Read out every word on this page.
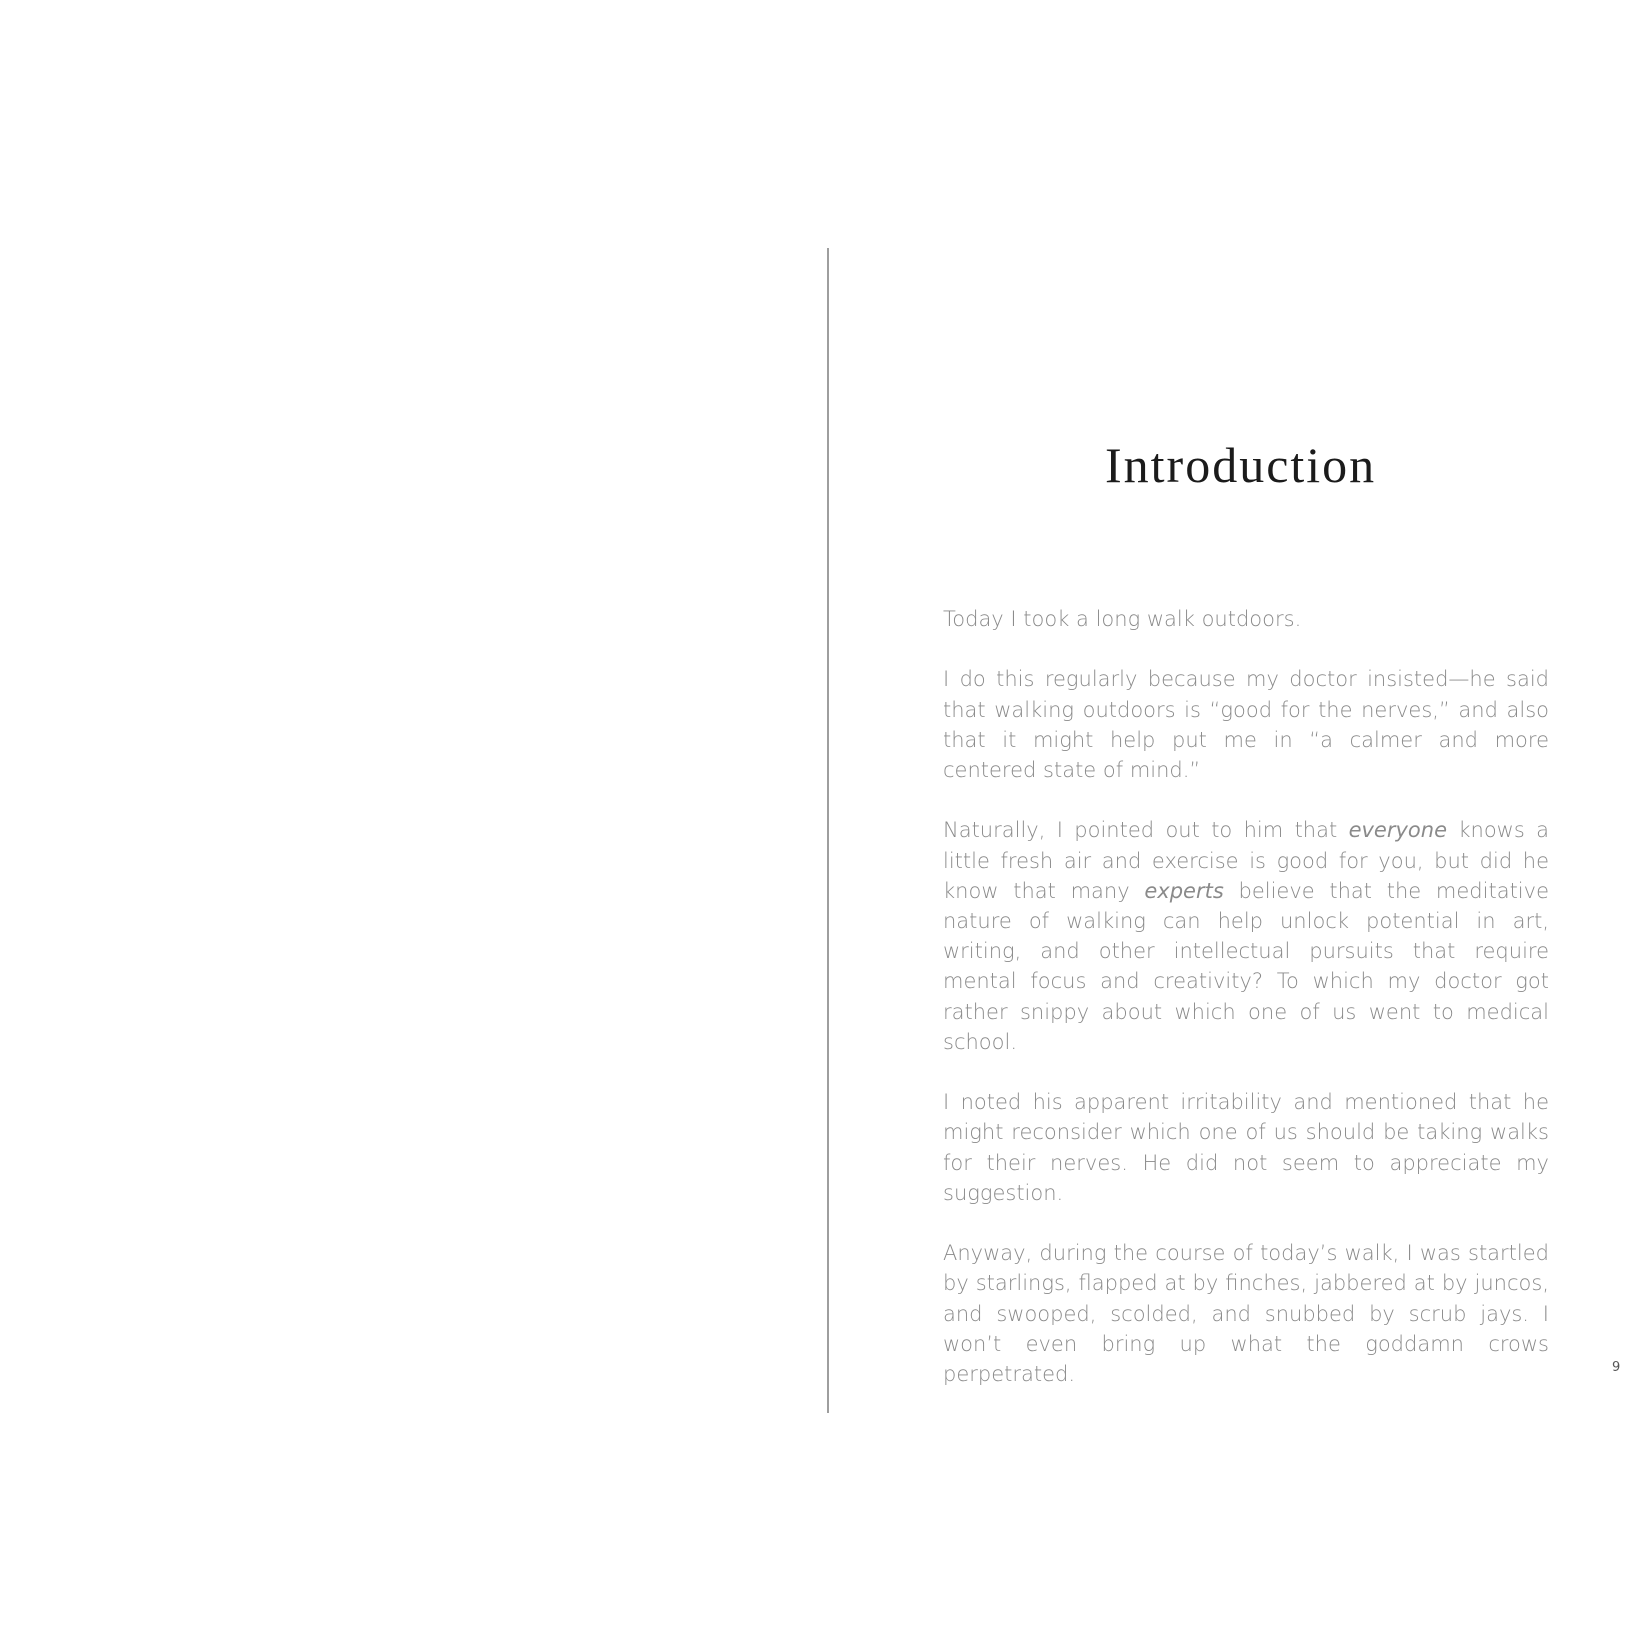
Introduction

Today I took a long walk outdoors.

I do this regularly because my doctor insisted—he said that walking outdoors is “good for the nerves,” and also that it might help put me in “a calmer and more centered state of mind.”

Naturally, I pointed out to him that everyone knows a little fresh air and exercise is good for you, but did he know that many experts believe that the meditative nature of walking can help unlock potential in art, writing, and other intellectual pursuits that require mental focus and creativity? To which my doctor got rather snippy about which one of us went to medical school.

I noted his apparent irritability and mentioned that he might reconsider which one of us should be taking walks for their nerves. He did not seem to appreciate my suggestion.

Anyway, during the course of today’s walk, I was startled by starlings, flapped at by finches, jabbered at by juncos, and swooped, scolded, and snubbed by scrub jays. I won’t even bring up what the goddamn crows perpetrated.	9
